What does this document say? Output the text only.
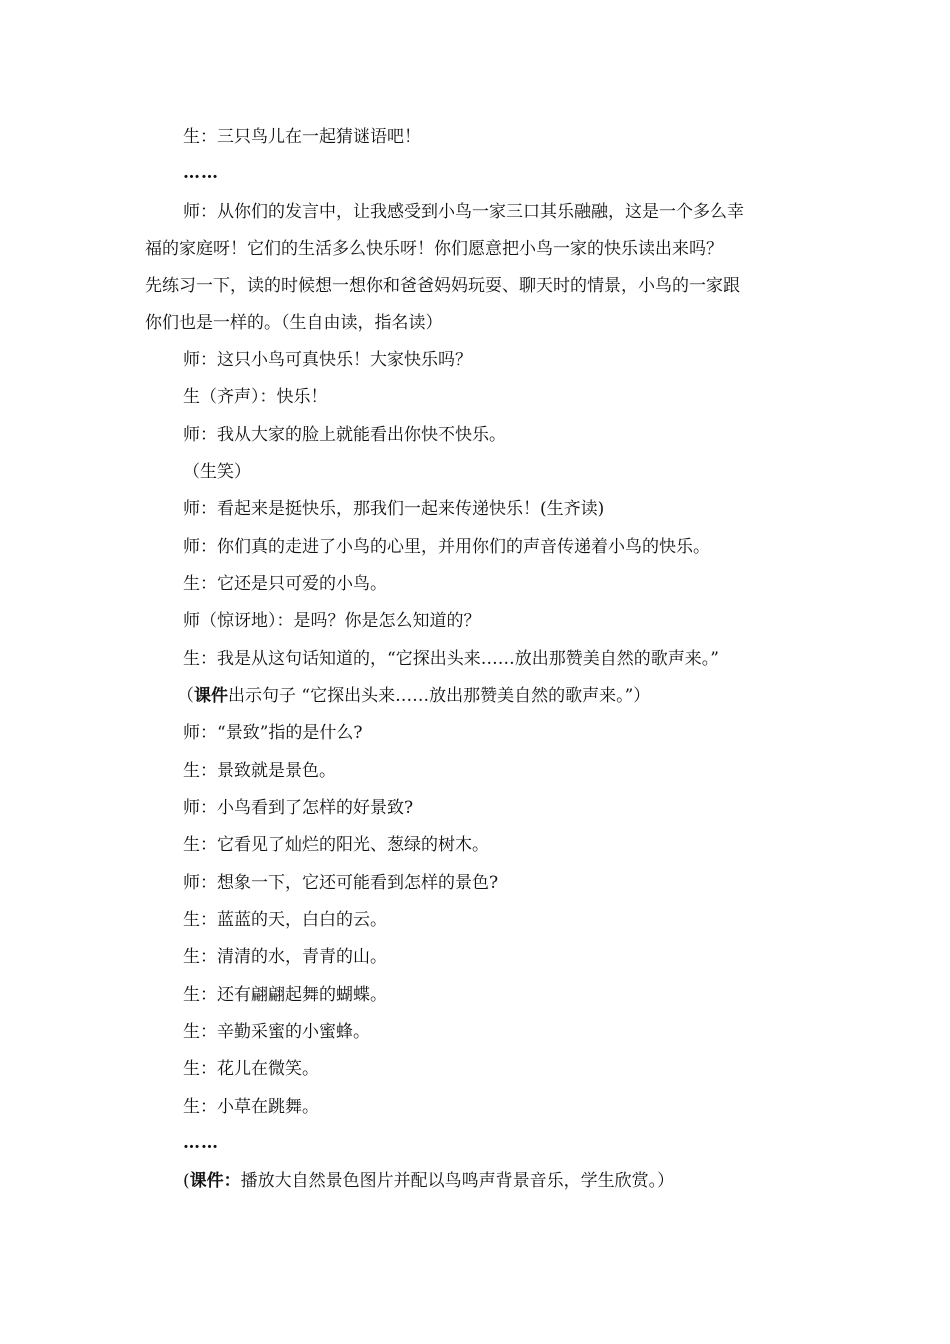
生：三只鸟儿在一起猜谜语吧！
……
师：从你们的发言中，让我感受到小鸟一家三口其乐融融，这是一个多么幸
福的家庭呀！它们的生活多么快乐呀！你们愿意把小鸟一家的快乐读出来吗？
先练习一下，读的时候想一想你和爸爸妈妈玩耍、聊天时的情景，小鸟的一家跟
你们也是一样的。（生自由读，指名读）
师：这只小鸟可真快乐！大家快乐吗？
生（齐声）：快乐！
师：我从大家的脸上就能看出你快不快乐。
（生笑）
师：看起来是挺快乐，那我们一起来传递快乐！(生齐读)
师：你们真的走进了小鸟的心里，并用你们的声音传递着小鸟的快乐。
生：它还是只可爱的小鸟。
师（惊讶地）：是吗？你是怎么知道的？
生：我是从这句话知道的，“它探出头来……放出那赞美自然的歌声来。”
（课件出示句子 “它探出头来……放出那赞美自然的歌声来。”）
师：“景致”指的是什么?
生：景致就是景色。
师：小鸟看到了怎样的好景致?
生：它看见了灿烂的阳光、葱绿的树木。
师：想象一下，它还可能看到怎样的景色?
生：蓝蓝的天，白白的云。
生：清清的水，青青的山。
生：还有翩翩起舞的蝴蝶。
生：辛勤采蜜的小蜜蜂。
生：花儿在微笑。
生：小草在跳舞。
……
(课件：播放大自然景色图片并配以鸟鸣声背景音乐，学生欣赏。）
